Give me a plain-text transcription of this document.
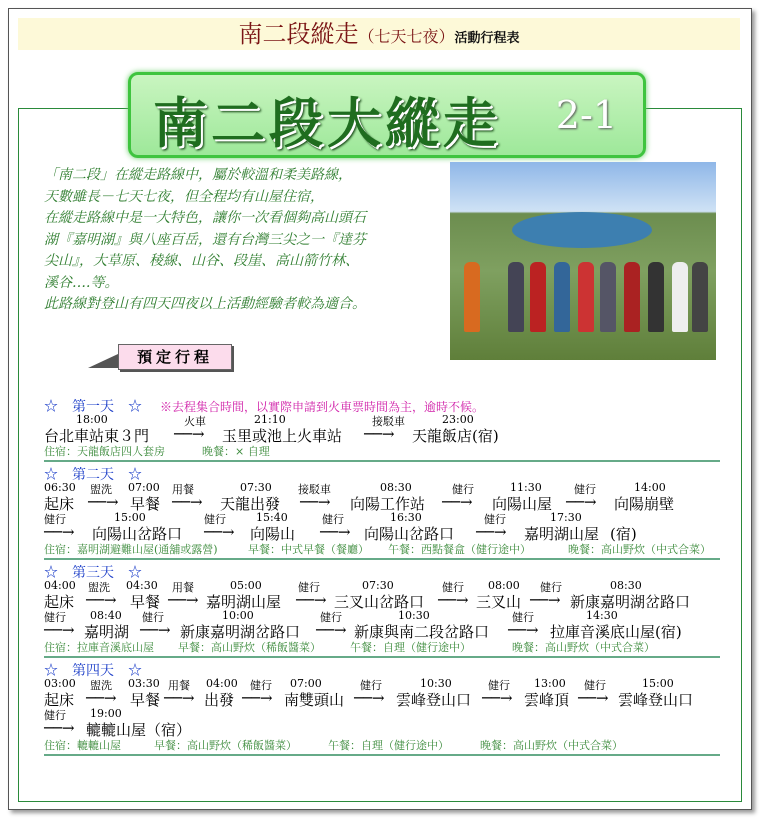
南二段縱走（七天七夜）活動行程表
南二段大縱走 2-1
「南二段」在縱走路線中，屬於較溫和柔美路線，
天數雖長－七天七夜，但全程均有山屋住宿，
在縱走路線中是一大特色，讓你一次看個夠高山頭石
湖『嘉明湖』與八座百岳，還有台灣三尖之一『達芬
尖山』，大草原、稜線、山谷、段崖、高山箭竹林、
溪谷….等。
此路線對登山有四天四夜以上活動經驗者較為適合。
預定行程
☆　第一天　☆ ※去程集合時間，以實際申請到火車票時間為主，逾時不候。
18:00	火車	21:10	接駁車	23:00
台北車站東３門 ──→ 玉里或池上火車站 ──→ 天龍飯店(宿)
住宿：天龍飯店四人套房	晚餐：× 自理
☆　第二天　☆
06:30 盥洗 07:00 用餐	07:30 接駁車	08:30	健行	11:30	健行	14:00
起床 ──→ 早餐 ──→ 天龍出發 ──→ 向陽工作站 ──→ 向陽山屋 ──→ 向陽崩壁
健行	15:00	健行	15:40	健行	16:30	健行	17:30
──→ 向陽山岔路口 ──→ 向陽山 ──→ 向陽山岔路口 ──→ 嘉明湖山屋 (宿)
住宿：嘉明湖避難山屋(通舖或露營)	早餐：中式早餐（餐廳） 午餐：西點餐盒（健行途中）	晚餐：高山野炊（中式合菜）
☆　第三天　☆
04:00 盥洗 04:30 用餐	05:00	健行	07:30	健行 08:00 健行	08:30
起床 ──→ 早餐 ──→ 嘉明湖山屋 ──→ 三叉山岔路口 ──→ 三叉山 ──→ 新康嘉明湖岔路口
健行 08:40 健行	10:00	健行	10:30	健行	14:30
──→ 嘉明湖 ──→ 新康嘉明湖岔路口 ──→ 新康與南二段岔路口 ──→ 拉庫音溪底山屋(宿)
住宿：拉庫音溪底山屋 早餐：高山野炊（稀飯醬菜）	午餐：自理（健行途中）	晚餐：高山野炊（中式合菜）
☆　第四天　☆
03:00 盥洗 03:30 用餐 04:00 健行 07:00	健行	10:30	健行 13:00 健行	15:00
起床 ──→ 早餐 ──→ 出發 ──→ 南雙頭山 ──→ 雲峰登山口 ──→ 雲峰頂 ──→ 雲峰登山口
健行 19:00
──→ 轆轆山屋（宿）
住宿：轆轆山屋	早餐：高山野炊（稀飯醬菜）	午餐：自理（健行途中）	晚餐：高山野炊（中式合菜）
